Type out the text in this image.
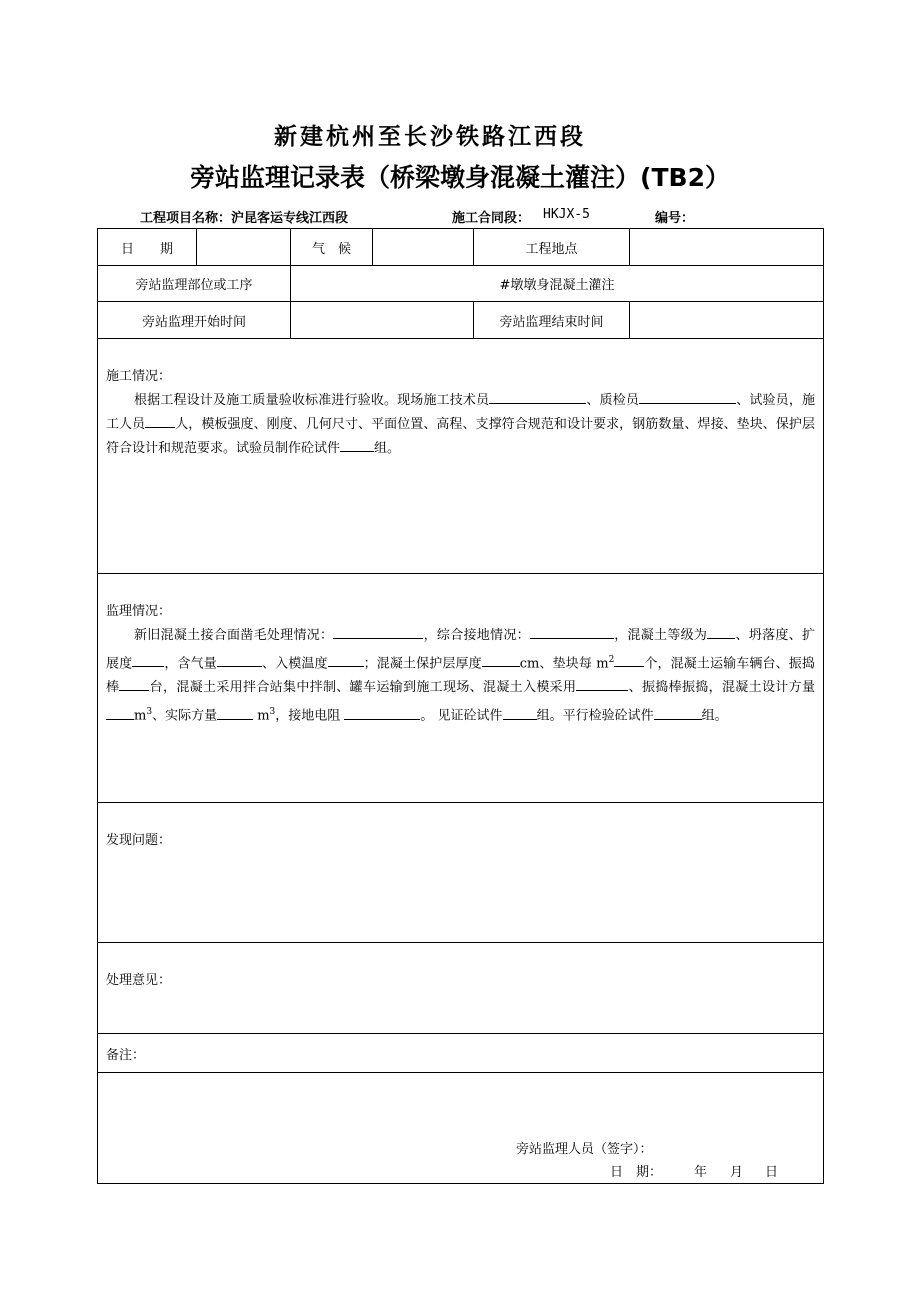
新建杭州至长沙铁路江西段
旁站监理记录表（桥梁墩身混凝土灌注）(TB2）
工程项目名称：沪昆客运专线江西段	施工合同段： HKJX-5	编号：
日　　期		气　候		工程地点	
旁站监理部位或工序		#墩墩身混凝土灌注			
旁站监理开始时间				旁站监理结束时间	

施工情况：

根据工程设计及施工质量验收标准进行验收。现场施工技术员 、质检员 、试验员，施工人员 人，模板强度、刚度、几何尺寸、平面位置、高程、支撑符合规范和设计要求，钢筋数量、焊接、垫块、保护层符合设计和规范要求。试验员制作砼试件 组。					

监理情况：

新旧混凝土接合面凿毛处理情况： ，综合接地情况： ，混凝土等级为 、坍落度、扩展度 ，含气量 、入模温度 ；混凝土保护层厚度 cm、垫块每 $m^2$ 个，混凝土运输车辆台、振捣棒 台，混凝土采用拌合站集中拌制、罐车运输到施工现场、混凝土入模采用 、振捣棒振捣，混凝土设计方量$m^3$、实际方量 $m^3$，接地电阻 。 见证砼试件 组。平行检验砼试件 组。					

发现问题：					

处理意见：					

备注：					

旁站监理人员（签字）：
日　期： 年 月 日
